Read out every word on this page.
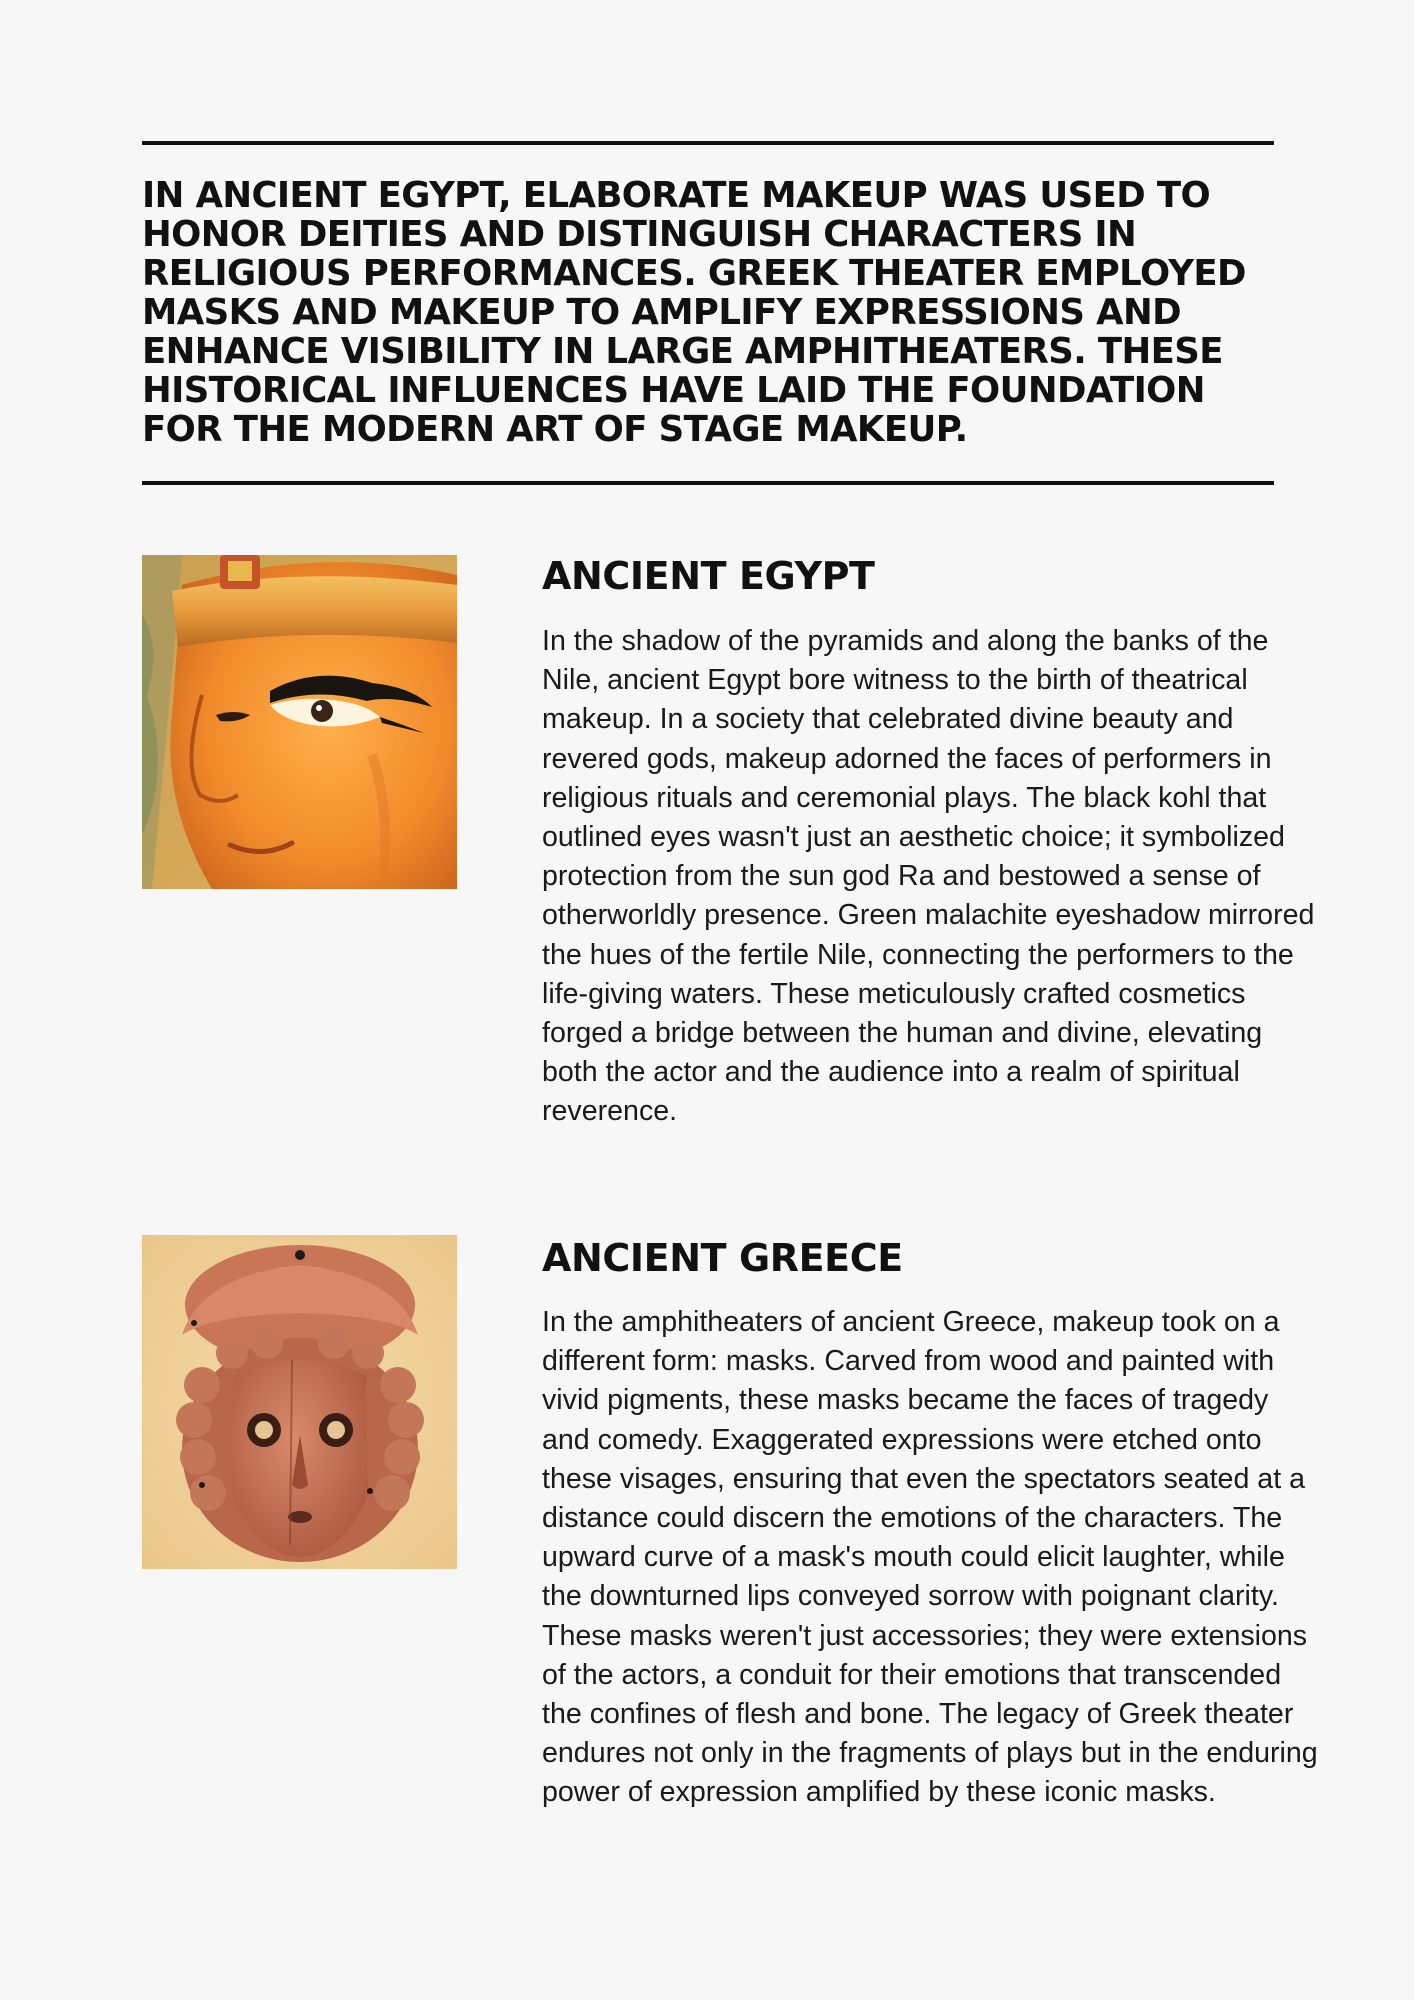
IN ANCIENT EGYPT, ELABORATE MAKEUP WAS USED TO HONOR DEITIES AND DISTINGUISH CHARACTERS IN RELIGIOUS PERFORMANCES. GREEK THEATER EMPLOYED MASKS AND MAKEUP TO AMPLIFY EXPRESSIONS AND ENHANCE VISIBILITY IN LARGE AMPHITHEATERS. THESE HISTORICAL INFLUENCES HAVE LAID THE FOUNDATION FOR THE MODERN ART OF STAGE MAKEUP.

ANCIENT EGYPT

In the shadow of the pyramids and along the banks of the Nile, ancient Egypt bore witness to the birth of theatrical makeup. In a society that celebrated divine beauty and revered gods, makeup adorned the faces of performers in religious rituals and ceremonial plays. The black kohl that outlined eyes wasn't just an aesthetic choice; it symbolized protection from the sun god Ra and bestowed a sense of otherworldly presence. Green malachite eyeshadow mirrored the hues of the fertile Nile, connecting the performers to the life-giving waters. These meticulously crafted cosmetics forged a bridge between the human and divine, elevating both the actor and the audience into a realm of spiritual reverence.

ANCIENT GREECE

In the amphitheaters of ancient Greece, makeup took on a different form: masks. Carved from wood and painted with vivid pigments, these masks became the faces of tragedy and comedy. Exaggerated expressions were etched onto these visages, ensuring that even the spectators seated at a distance could discern the emotions of the characters. The upward curve of a mask's mouth could elicit laughter, while the downturned lips conveyed sorrow with poignant clarity. These masks weren't just accessories; they were extensions of the actors, a conduit for their emotions that transcended the confines of flesh and bone. The legacy of Greek theater endures not only in the fragments of plays but in the enduring power of expression amplified by these iconic masks.
